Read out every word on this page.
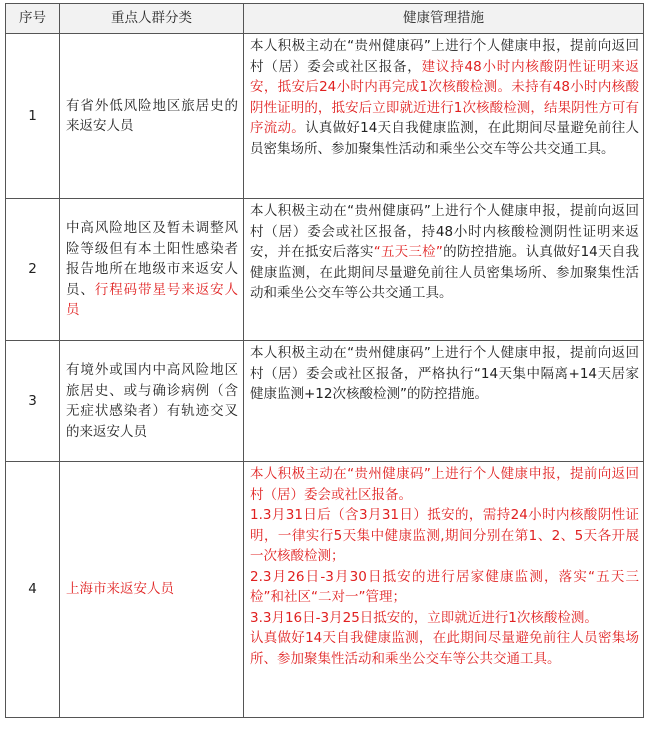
序号	重点人群分类	健康管理措施
1	有省外低风险地区旅居史的来返安人员	本人积极主动在“贵州健康码”上进行个人健康申报，提前向返回村（居）委会或社区报备，建议持48小时内核酸阴性证明来返安，抵安后24小时内再完成1次核酸检测。未持有48小时内核酸阴性证明的，抵安后立即就近进行1次核酸检测，结果阴性方可有序流动。认真做好14天自我健康监测，在此期间尽量避免前往人员密集场所、参加聚集性活动和乘坐公交车等公共交通工具。
2	中高风险地区及暂未调整风险等级但有本土阳性感染者报告地所在地级市来返安人员、行程码带星号来返安人员	本人积极主动在“贵州健康码”上进行个人健康申报，提前向返回村（居）委会或社区报备，持48小时内核酸检测阴性证明来返安，并在抵安后落实“五天三检”的防控措施。认真做好14天自我健康监测，在此期间尽量避免前往人员密集场所、参加聚集性活动和乘坐公交车等公共交通工具。
3	有境外或国内中高风险地区旅居史、或与确诊病例（含无症状感染者）有轨迹交叉的来返安人员	本人积极主动在“贵州健康码”上进行个人健康申报，提前向返回村（居）委会或社区报备，严格执行“14天集中隔离+14天居家健康监测+12次核酸检测”的防控措施。
4	上海市来返安人员	本人积极主动在“贵州健康码”上进行个人健康申报，提前向返回村（居）委会或社区报备。
1.3月31日后（含3月31日）抵安的，需持24小时内核酸阴性证明，一律实行5天集中健康监测,期间分别在第1、2、5天各开展一次核酸检测；
2.3月26日-3月30日抵安的进行居家健康监测，落实“五天三检”和社区“二对一”管理；
3.3月16日-3月25日抵安的，立即就近进行1次核酸检测。
认真做好14天自我健康监测，在此期间尽量避免前往人员密集场所、参加聚集性活动和乘坐公交车等公共交通工具。
